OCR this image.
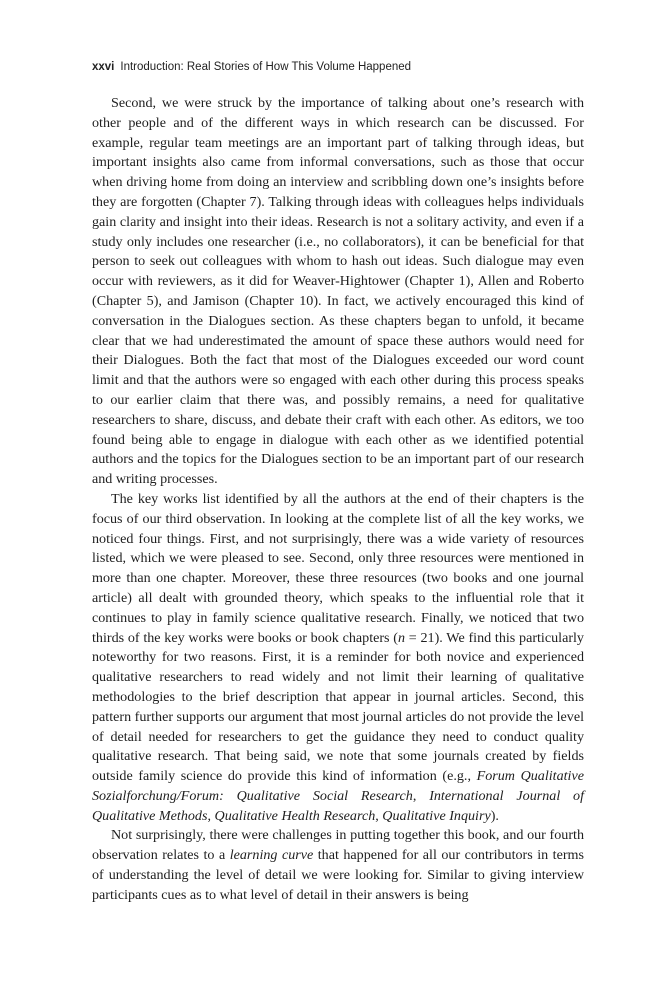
xxvi Introduction: Real Stories of How This Volume Happened

Second, we were struck by the importance of talking about one’s research with other people and of the different ways in which research can be discussed. For example, regular team meetings are an important part of talking through ideas, but important insights also came from informal conversations, such as those that occur when driving home from doing an interview and scribbling down one’s insights before they are forgotten (Chapter 7). Talking through ideas with colleagues helps individuals gain clarity and insight into their ideas. Research is not a solitary activity, and even if a study only includes one researcher (i.e., no collaborators), it can be beneficial for that person to seek out colleagues with whom to hash out ideas. Such dialogue may even occur with reviewers, as it did for Weaver-Hightower (Chapter 1), Allen and Roberto (Chapter 5), and Jamison (Chapter 10). In fact, we actively encouraged this kind of conversation in the Dialogues section. As these chapters began to unfold, it became clear that we had underestimated the amount of space these authors would need for their Dialogues. Both the fact that most of the Dialogues exceeded our word count limit and that the authors were so engaged with each other during this process speaks to our earlier claim that there was, and possibly remains, a need for qualitative researchers to share, discuss, and debate their craft with each other. As editors, we too found being able to engage in dialogue with each other as we identified potential authors and the topics for the Dialogues section to be an important part of our research and writing processes.

The key works list identified by all the authors at the end of their chapters is the focus of our third observation. In looking at the complete list of all the key works, we noticed four things. First, and not surprisingly, there was a wide variety of resources listed, which we were pleased to see. Second, only three resources were mentioned in more than one chapter. Moreover, these three resources (two books and one journal article) all dealt with grounded theory, which speaks to the influential role that it continues to play in family science qualitative research. Finally, we noticed that two thirds of the key works were books or book chapters (n = 21). We find this particularly noteworthy for two reasons. First, it is a reminder for both novice and experienced qualitative researchers to read widely and not limit their learning of qualitative methodologies to the brief description that appear in journal articles. Second, this pattern further supports our argument that most journal articles do not provide the level of detail needed for researchers to get the guidance they need to conduct quality qualitative research. That being said, we note that some journals created by fields outside family science do provide this kind of information (e.g., Forum Qualitative Sozialforchung/Forum: Qualitative Social Research, International Journal of Qualitative Methods, Qualitative Health Research, Qualitative Inquiry).

Not surprisingly, there were challenges in putting together this book, and our fourth observation relates to a learning curve that happened for all our contributors in terms of understanding the level of detail we were looking for. Similar to giving interview participants cues as to what level of detail in their answers is being
